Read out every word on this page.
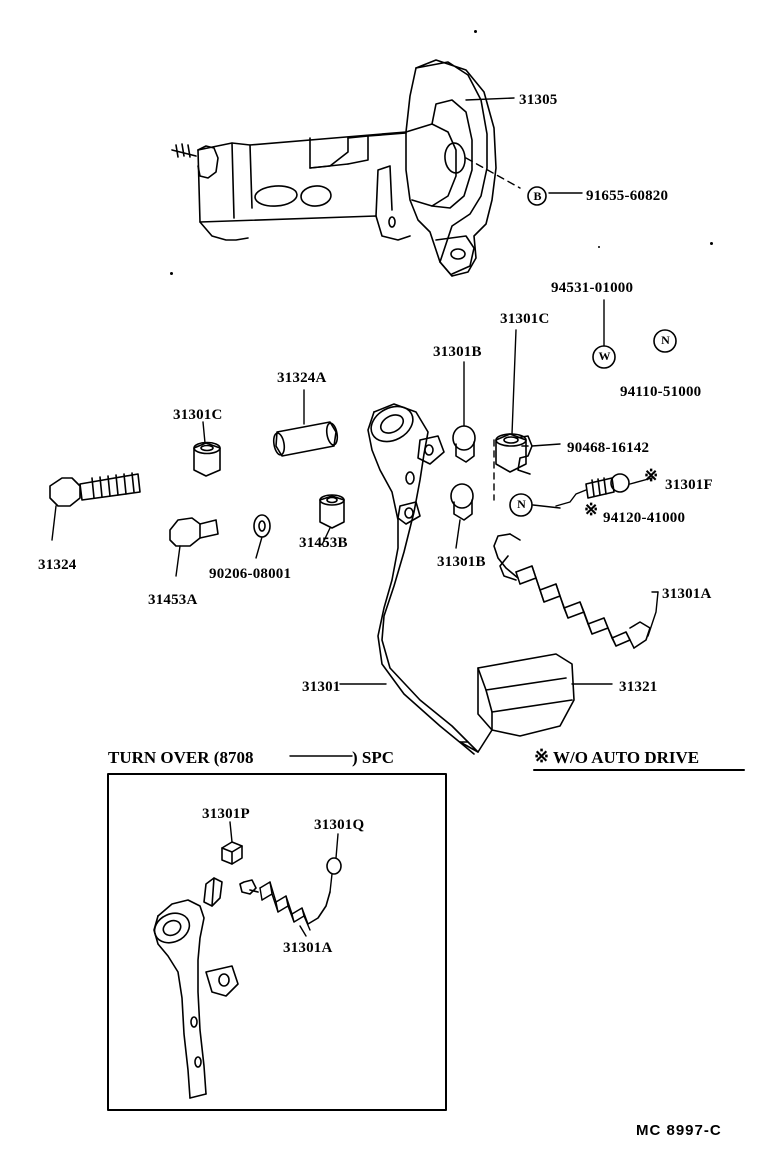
B
W
N
N
31305
91655-60820
94531-01000
31301C
31301B
94110-51000
31324A
31301C
90468-16142
31301F
94120-41000
31453B
31324
90206-08001
31301B
31453A	31301A
31301	31321
※
※
TURN OVER (8708	) SPC	※ W/O AUTO DRIVE
31301P
31301Q
31301A
MC 8997-C
